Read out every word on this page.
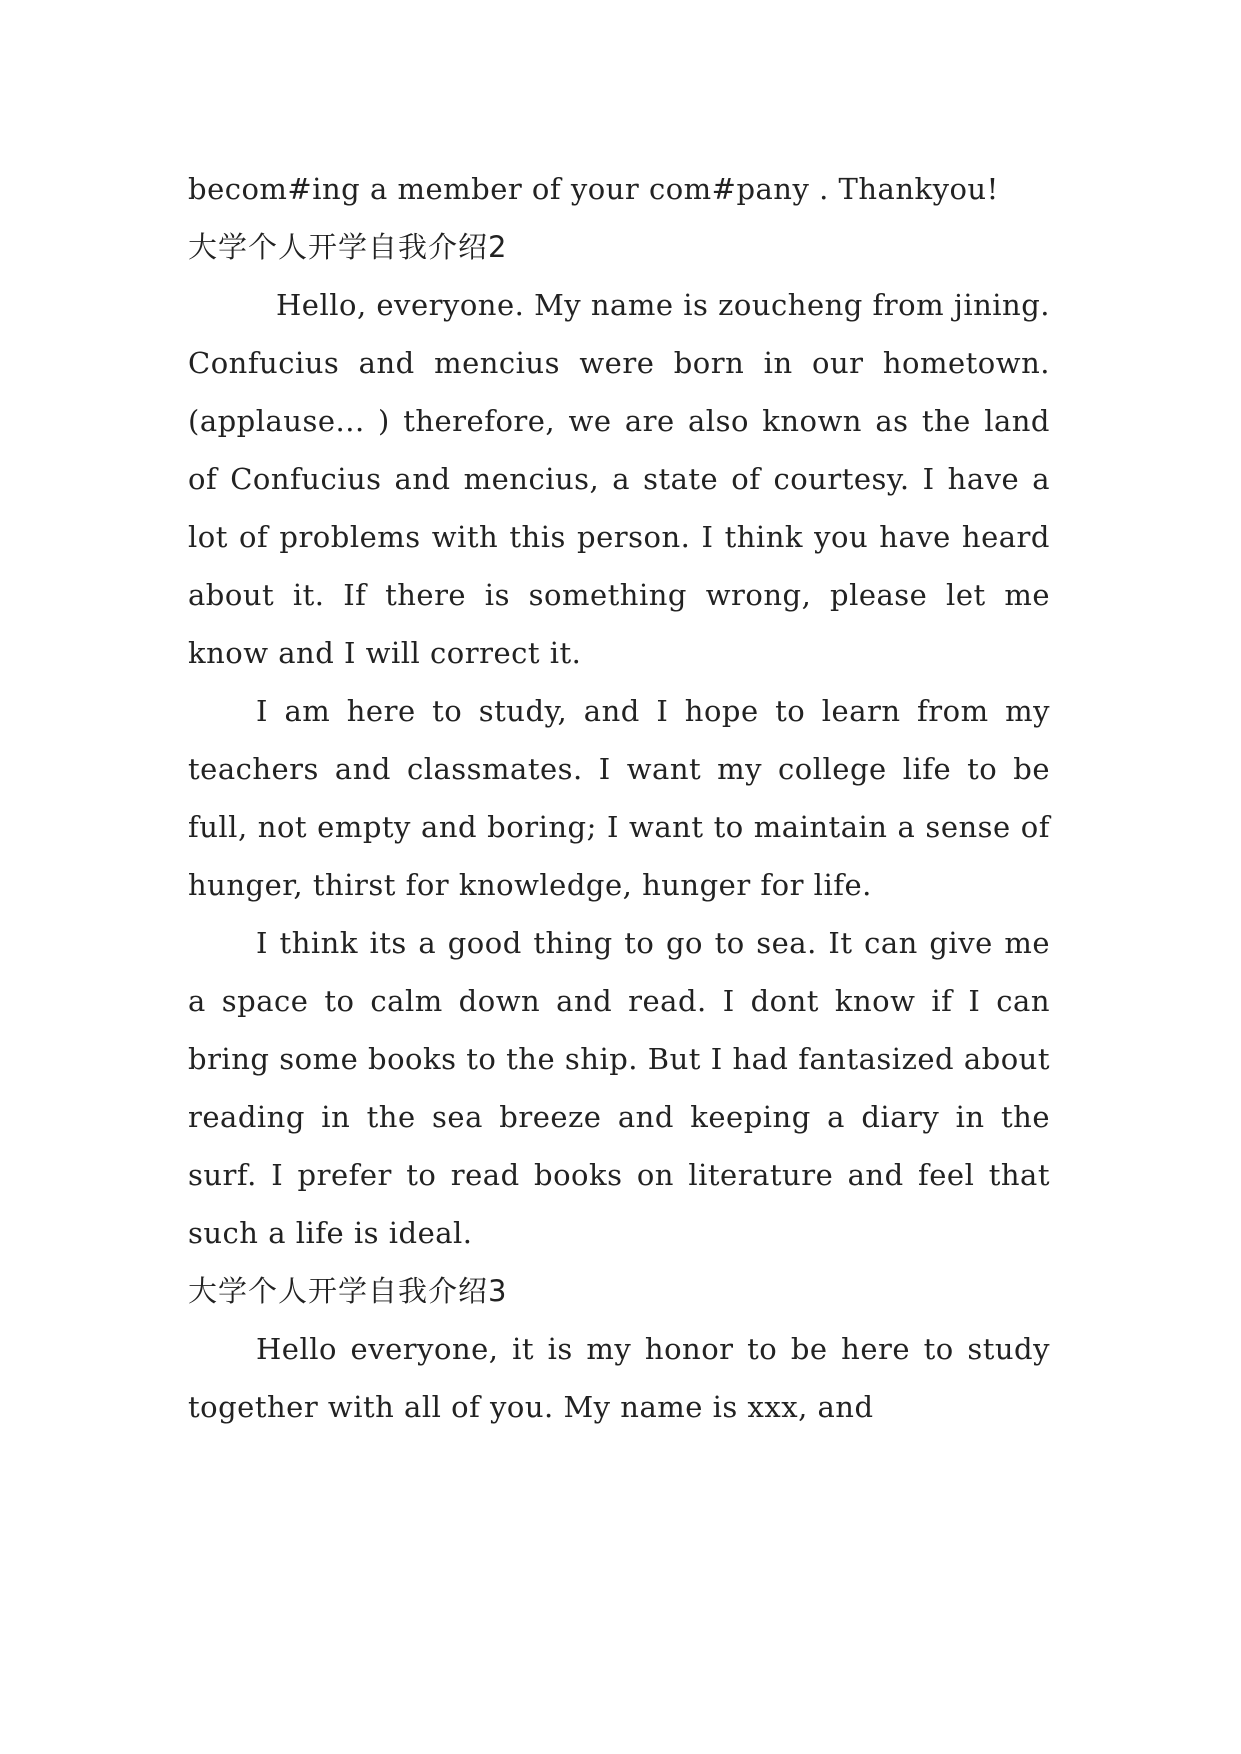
becom#ing a member of your com#pany . Thankyou!
大学个人开学自我介绍2

Hello, everyone. My name is zoucheng from jining. Confucius and mencius were born in our hometown. (applause... ) therefore, we are also known as the land of Confucius and mencius, a state of courtesy. I have a lot of problems with this person. I think you have heard about it. If there is something wrong, please let me know and I will correct it.

I am here to study, and I hope to learn from my teachers and classmates. I want my college life to be full, not empty and boring; I want to maintain a sense of hunger, thirst for knowledge, hunger for life.

I think its a good thing to go to sea. It can give me a space to calm down and read. I dont know if I can bring some books to the ship. But I had fantasized about reading in the sea breeze and keeping a diary in the surf. I prefer to read books on literature and feel that such a life is ideal.

大学个人开学自我介绍3

Hello everyone, it is my honor to be here to study together with all of you. My name is xxx, and
